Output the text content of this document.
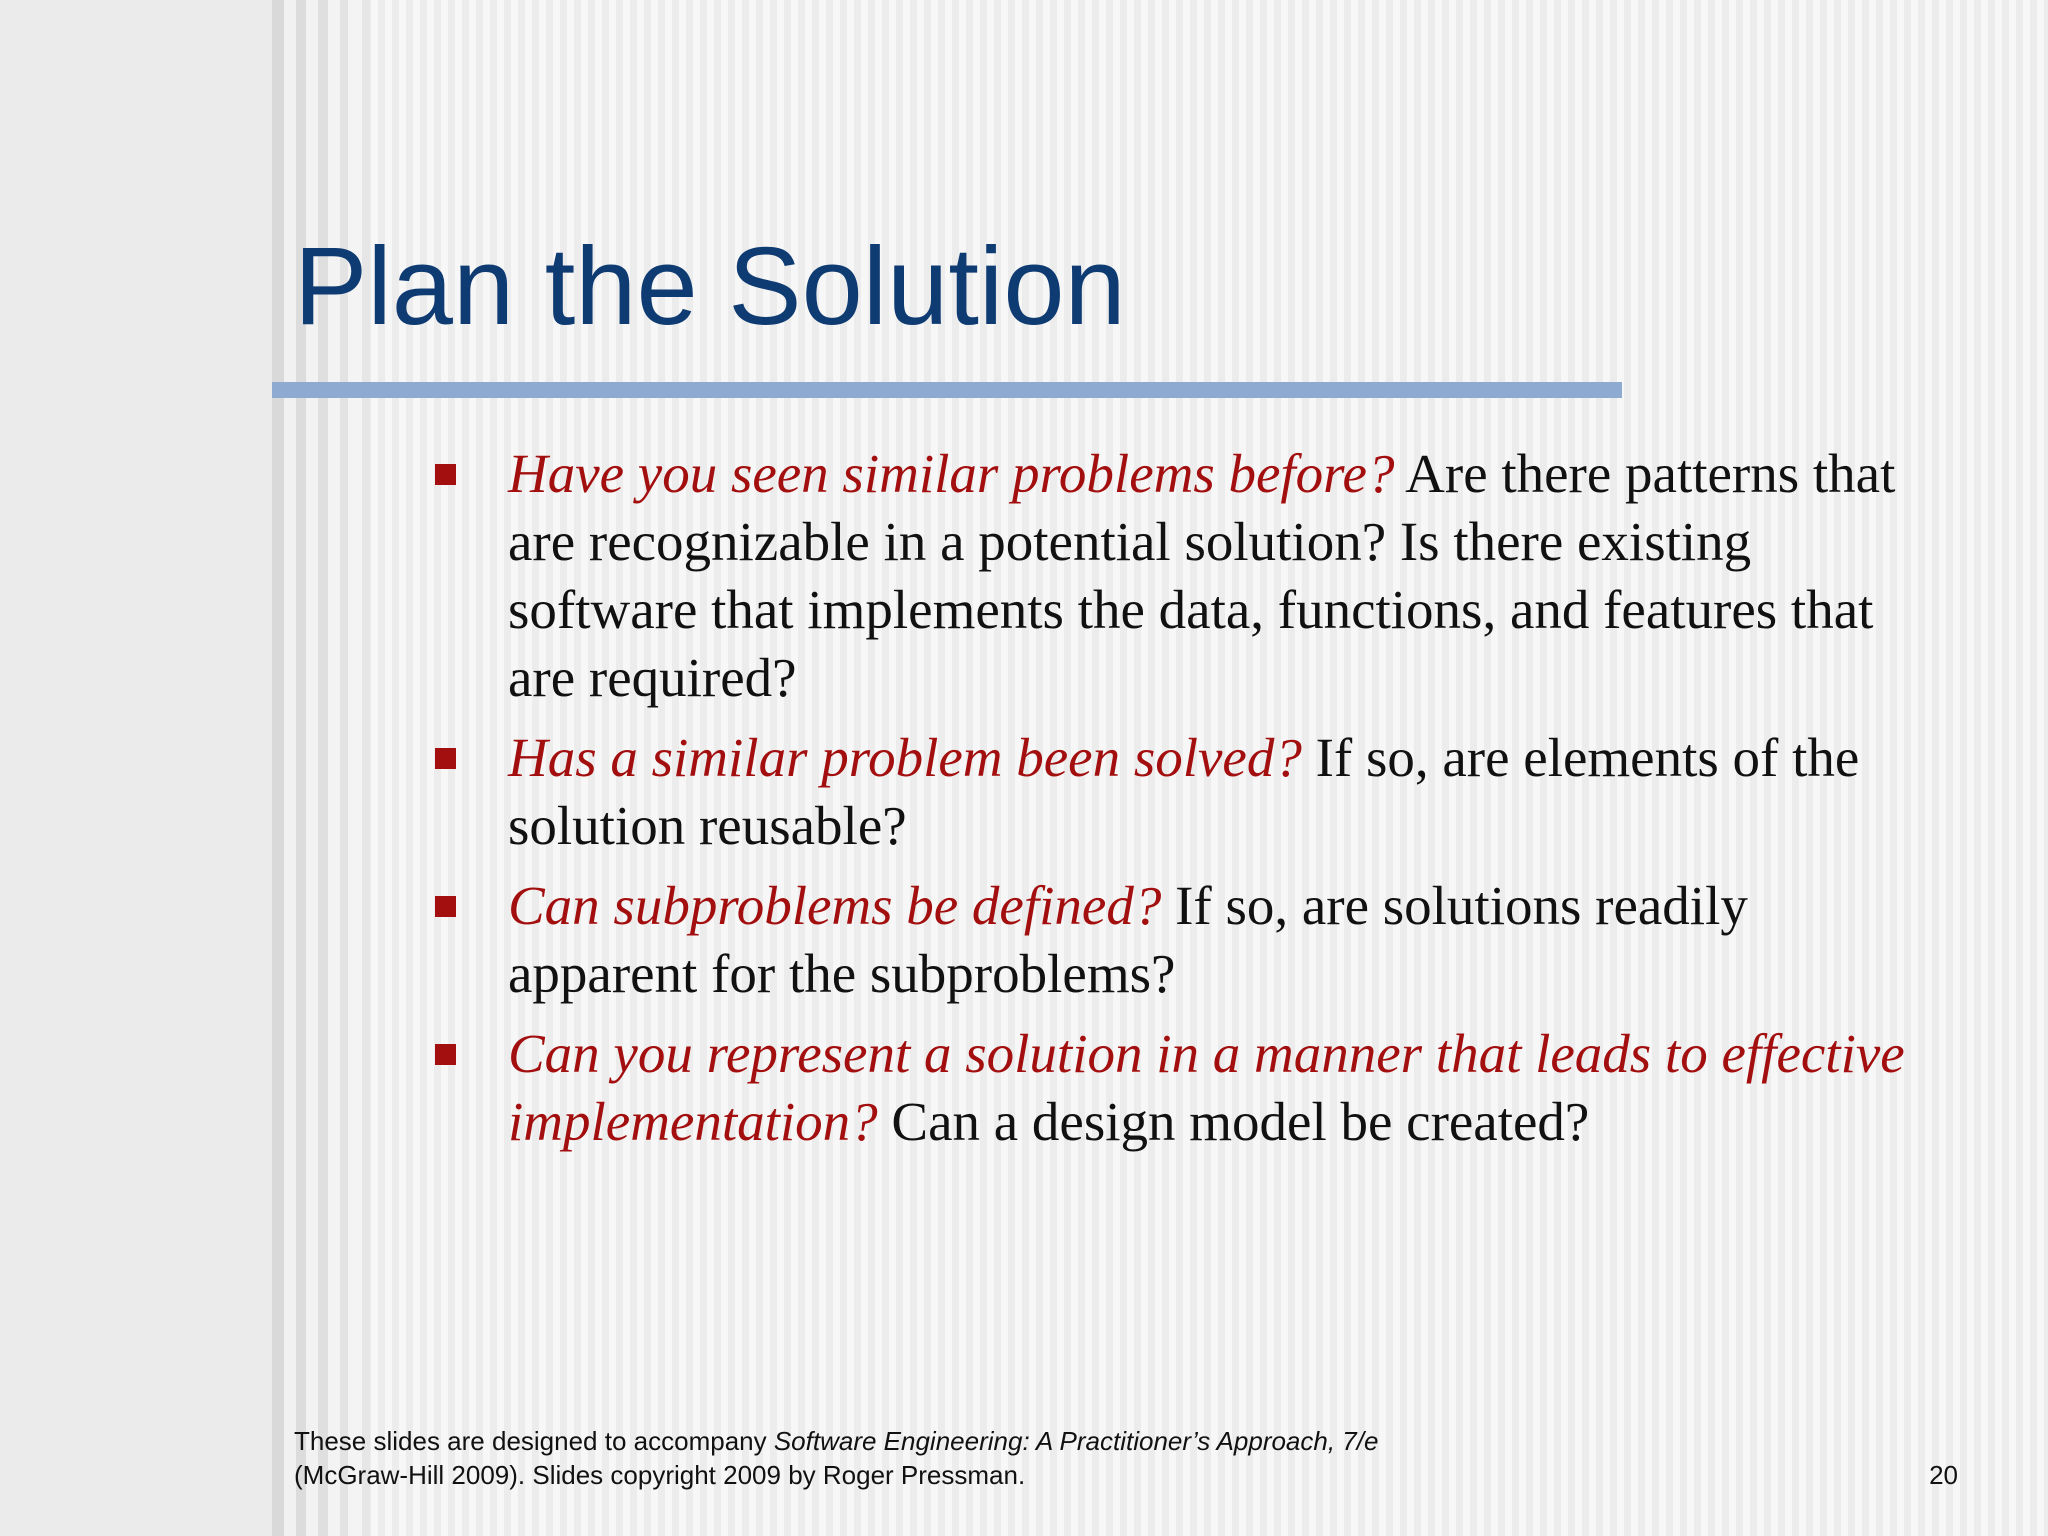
Plan the Solution
Have you seen similar problems before? Are there patterns that are recognizable in a potential solution? Is there existing software that implements the data, functions, and features that are required?
Has a similar problem been solved? If so, are elements of the solution reusable?
Can subproblems be defined? If so, are solutions readily apparent for the subproblems?
Can you represent a solution in a manner that leads to effective implementation? Can a design model be created?
These slides are designed to accompany Software Engineering: A Practitioner’s Approach, 7/e
(McGraw-Hill 2009). Slides copyright 2009 by Roger Pressman.	20
